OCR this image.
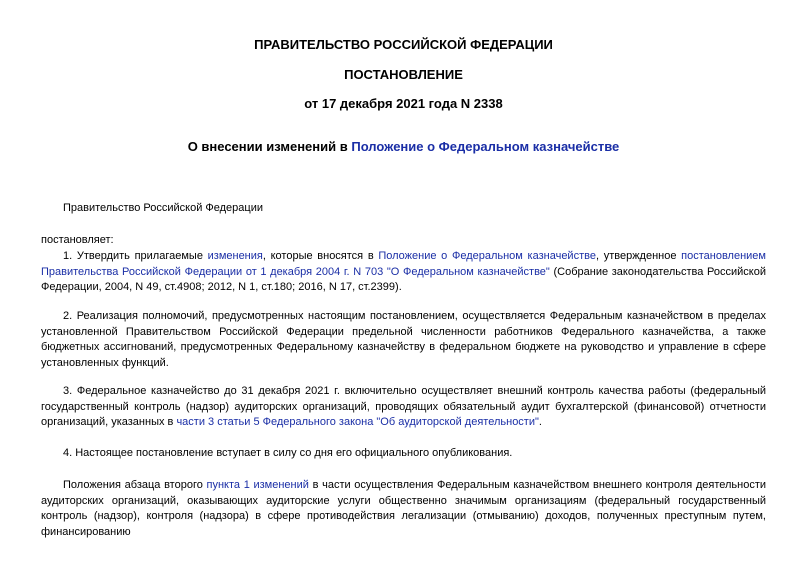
ПРАВИТЕЛЬСТВО РОССИЙСКОЙ ФЕДЕРАЦИИ

ПОСТАНОВЛЕНИЕ

от 17 декабря 2021 года N 2338

О внесении изменений в Положение о Федеральном казначействе

Правительство Российской Федерации

постановляет:

1. Утвердить прилагаемые изменения, которые вносятся в Положение о Федеральном казначействе, утвержденное постановлением Правительства Российской Федерации от 1 декабря 2004 г. N 703 "О Федеральном казначействе" (Собрание законодательства Российской Федерации, 2004, N 49, ст.4908; 2012, N 1, ст.180; 2016, N 17, ст.2399).

2. Реализация полномочий, предусмотренных настоящим постановлением, осуществляется Федеральным казначейством в пределах установленной Правительством Российской Федерации предельной численности работников Федерального казначейства, а также бюджетных ассигнований, предусмотренных Федеральному казначейству в федеральном бюджете на руководство и управление в сфере установленных функций.

3. Федеральное казначейство до 31 декабря 2021 г. включительно осуществляет внешний контроль качества работы (федеральный государственный контроль (надзор) аудиторских организаций, проводящих обязательный аудит бухгалтерской (финансовой) отчетности организаций, указанных в части 3 статьи 5 Федерального закона "Об аудиторской деятельности".

4. Настоящее постановление вступает в силу со дня его официального опубликования.

Положения абзаца второго пункта 1 изменений в части осуществления Федеральным казначейством внешнего контроля деятельности аудиторских организаций, оказывающих аудиторские услуги общественно значимым организациям (федеральный государственный контроль (надзор), контроля (надзора) в сфере противодействия легализации (отмыванию) доходов, полученных преступным путем, финансированию
